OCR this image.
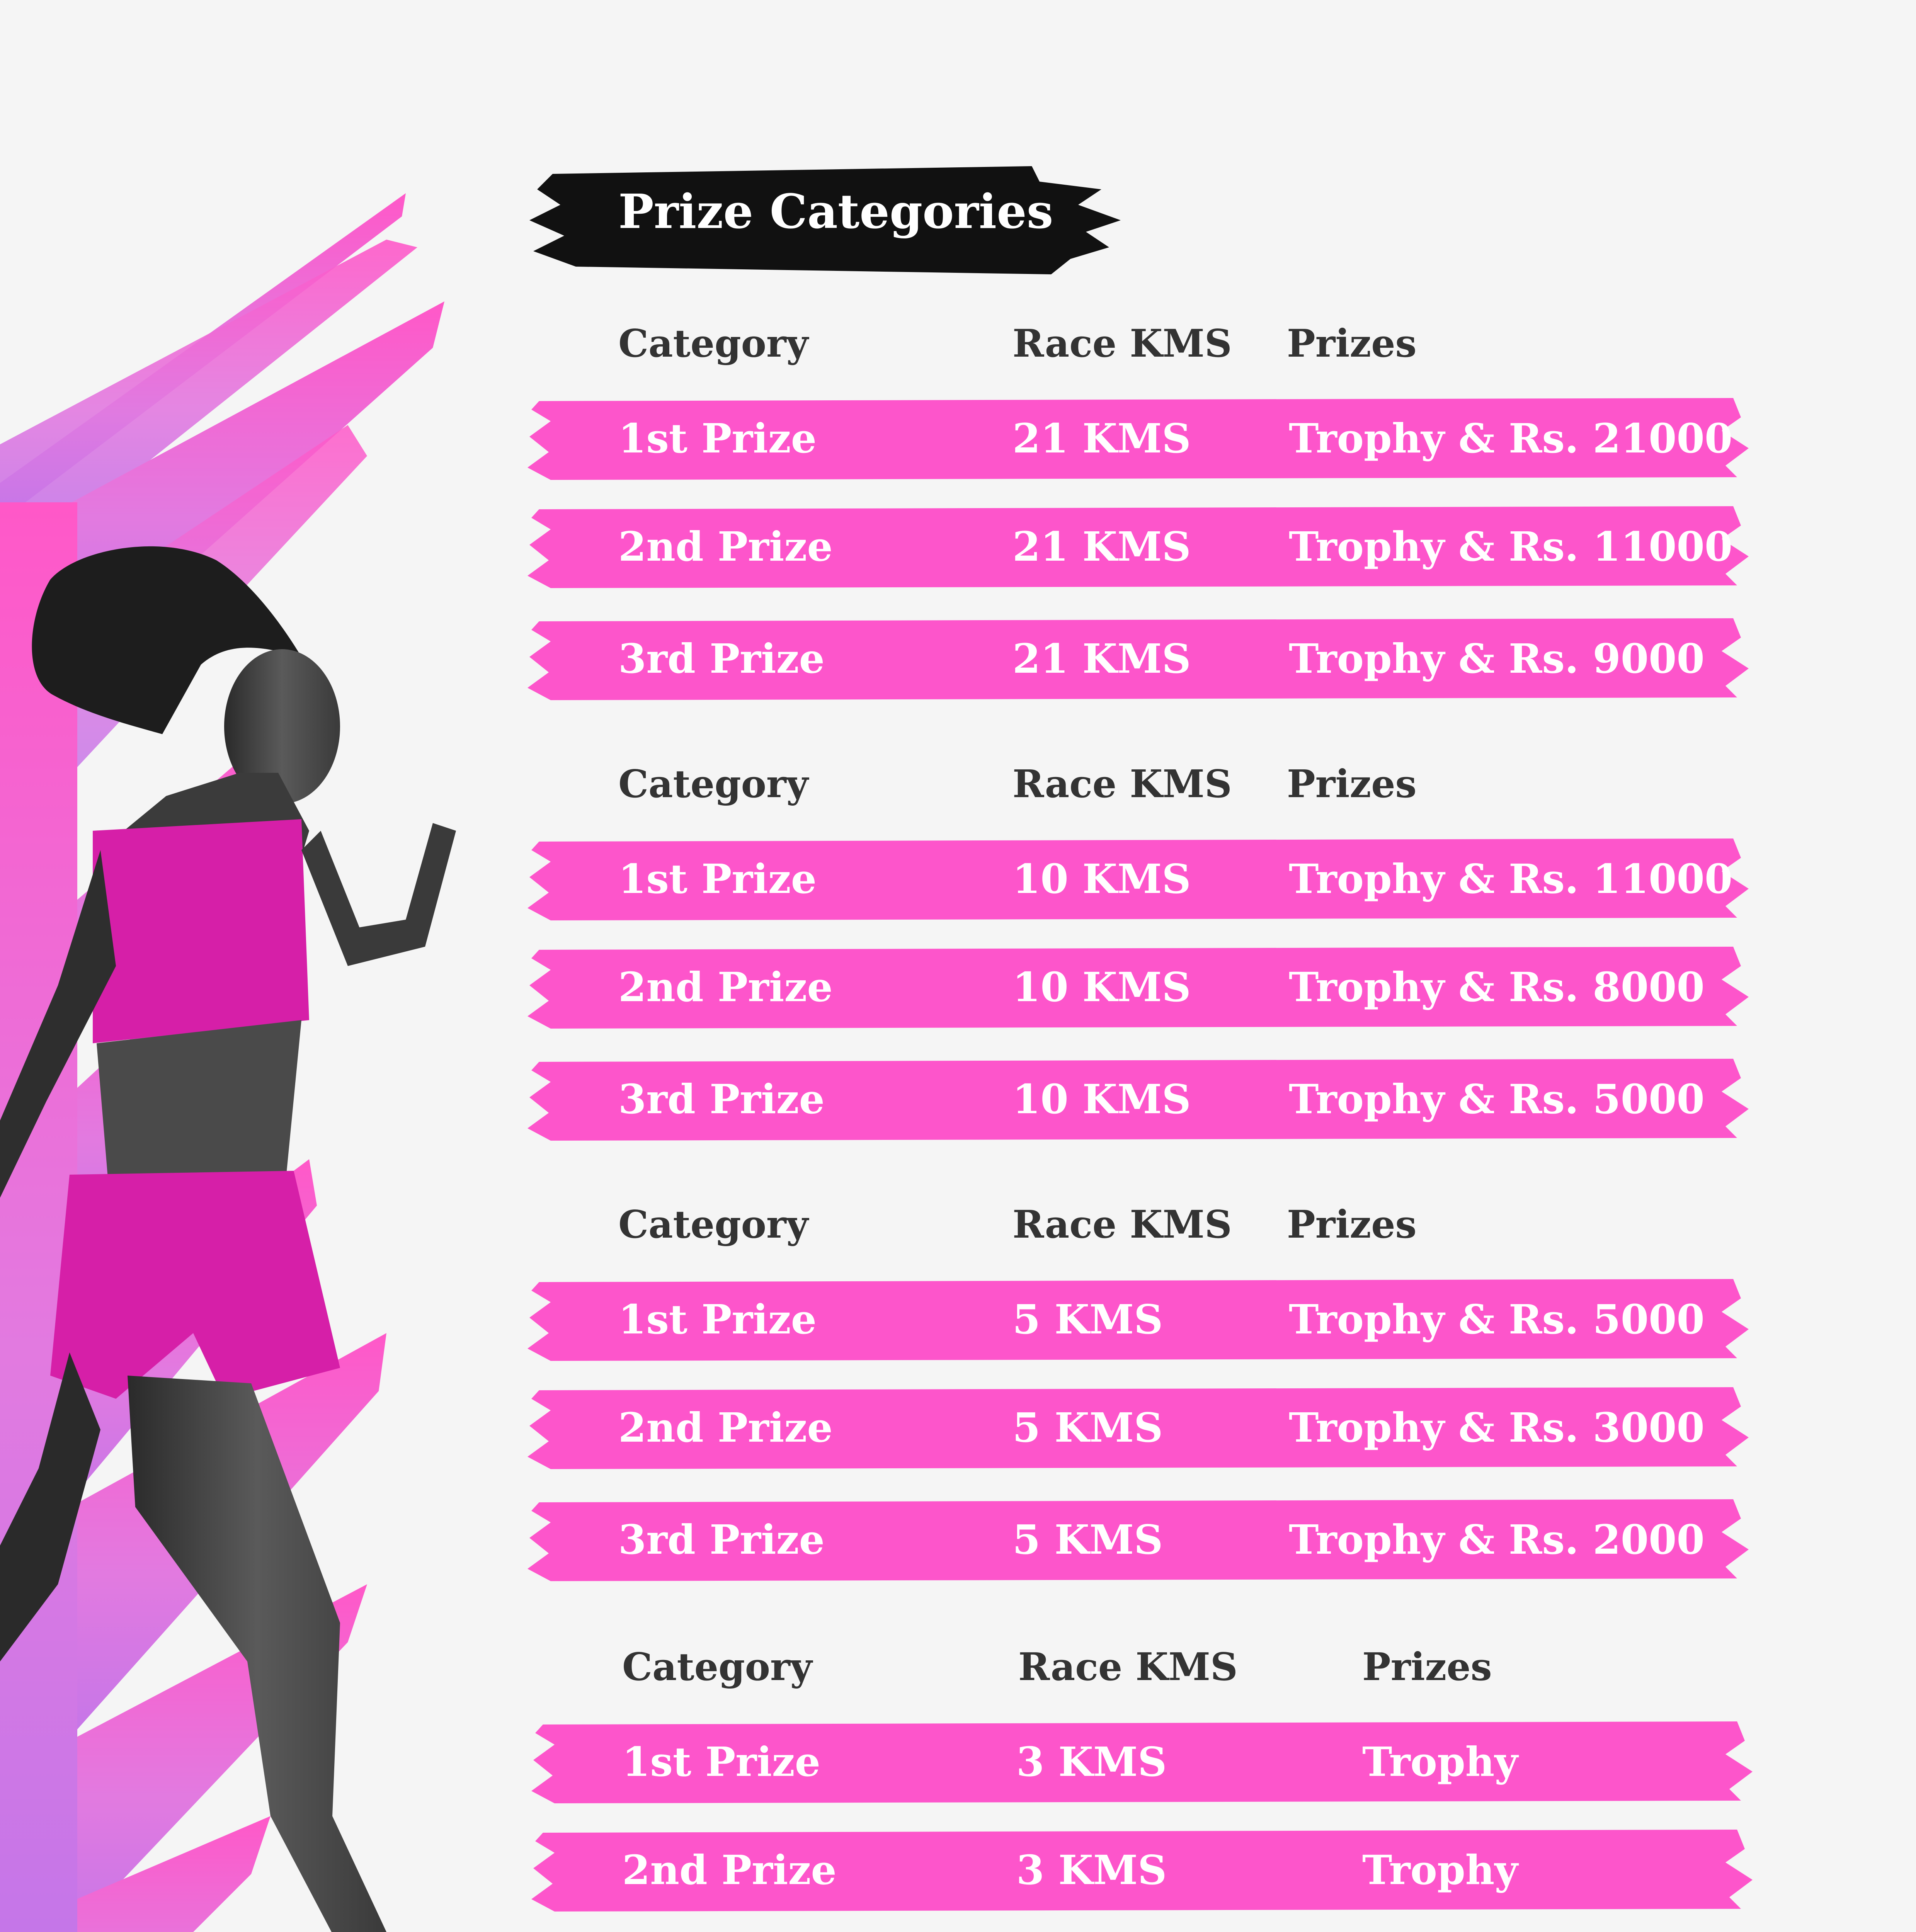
Prize Categories
Category	Race KMS Prizes
1st Prize	21 KMS Trophy & Rs. 21000
2nd Prize	21 KMS Trophy & Rs. 11000
3rd Prize	21 KMS Trophy & Rs. 9000
Category	Race KMS Prizes
1st Prize	10 KMS Trophy & Rs. 11000
2nd Prize	10 KMS Trophy & Rs. 8000
3rd Prize	10 KMS Trophy & Rs. 5000
Category	Race KMS Prizes
1st Prize	5 KMS	Trophy & Rs. 5000
2nd Prize	5 KMS	Trophy & Rs. 3000
3rd Prize	5 KMS	Trophy & Rs. 2000
Category	Race KMS	Prizes
1st Prize	3 KMS	Trophy
2nd Prize	3 KMS	Trophy
